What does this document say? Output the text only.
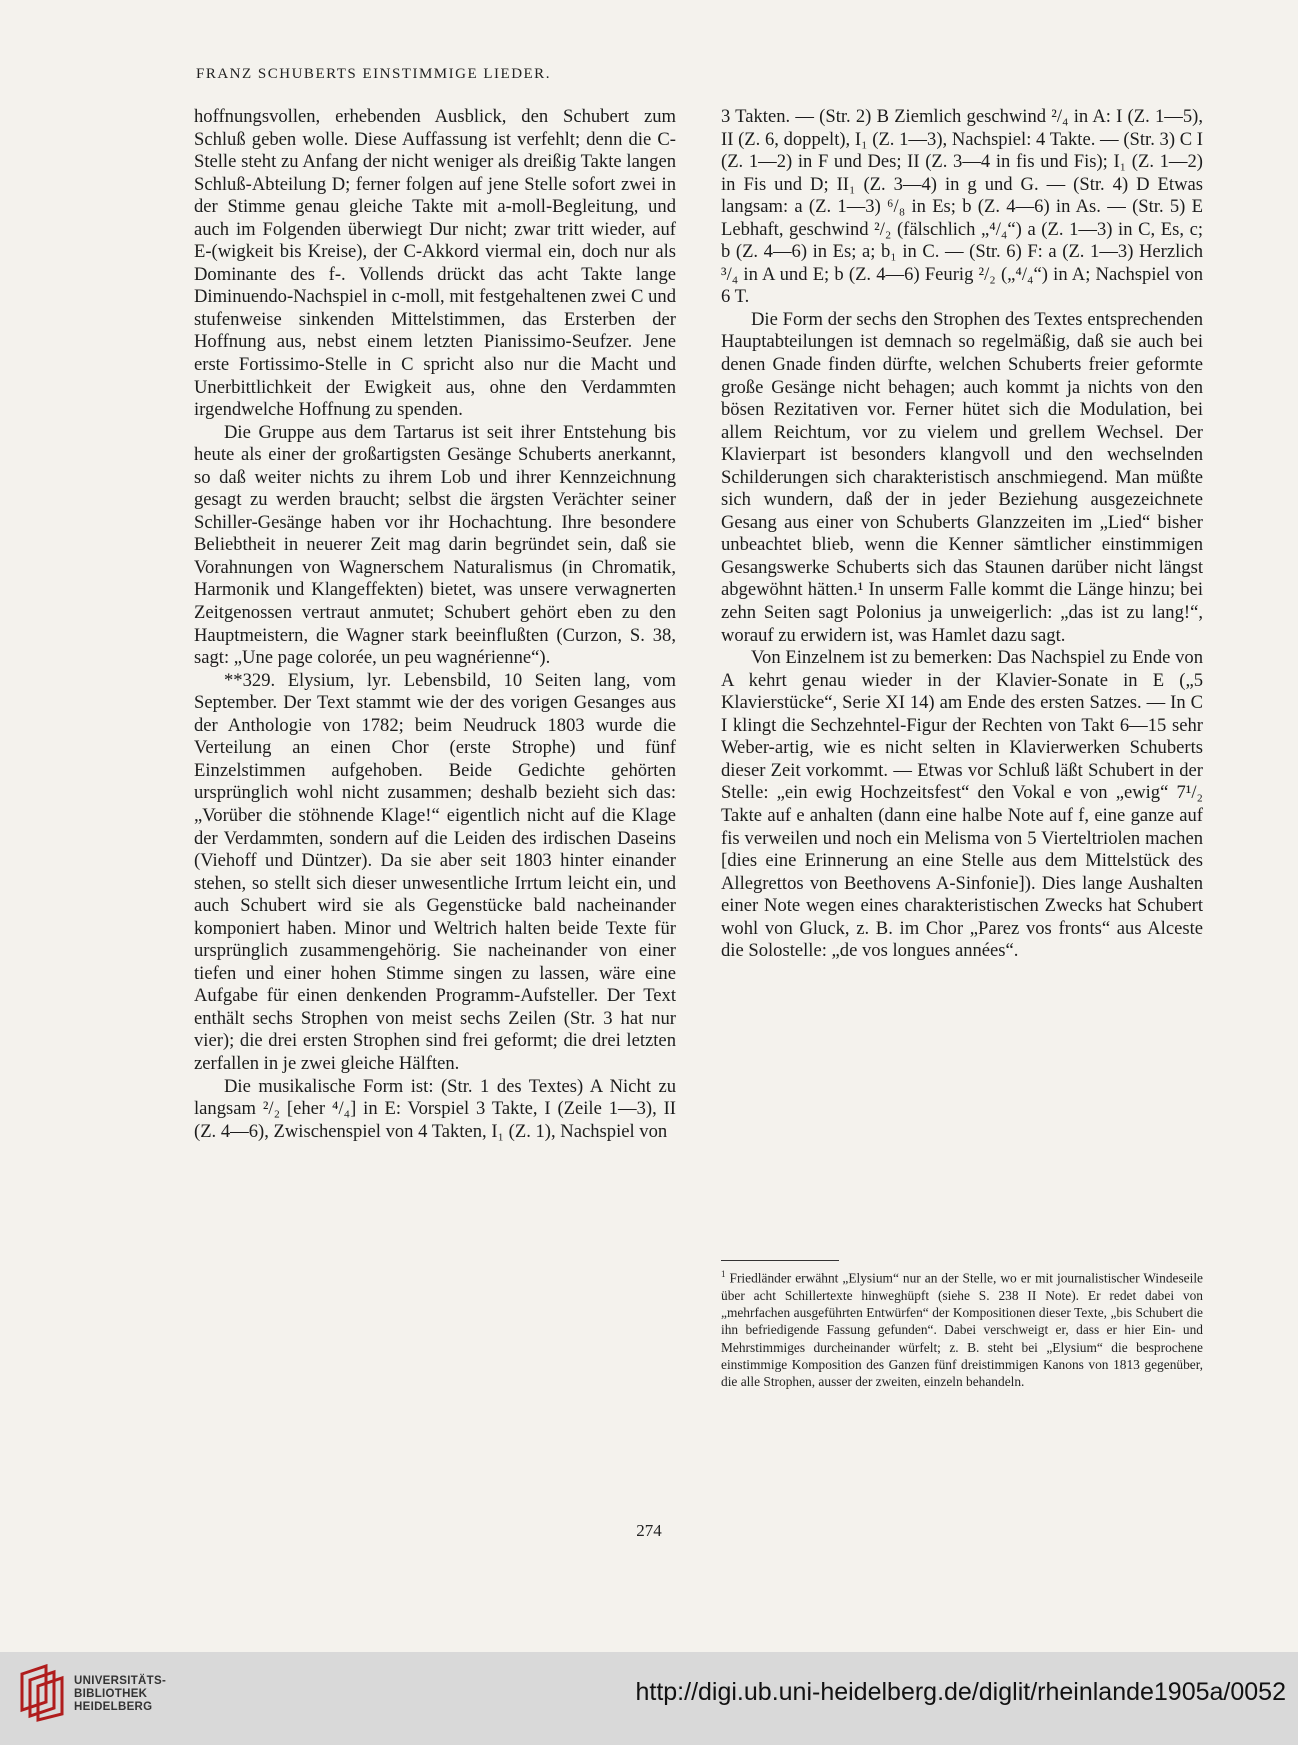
FRANZ SCHUBERTS EINSTIMMIGE LIEDER.

hoffnungsvollen, erhebenden Ausblick, den Schubert zum Schluß geben wolle. Diese Auffassung ist verfehlt; denn die C-Stelle steht zu Anfang der nicht weniger als dreißig Takte langen Schluß-Abteilung D; ferner folgen auf jene Stelle sofort zwei in der Stimme genau gleiche Takte mit a-moll-Begleitung, und auch im Folgenden überwiegt Dur nicht; zwar tritt wieder, auf E-(wigkeit bis Kreise), der C-Akkord viermal ein, doch nur als Dominante des f-. Vollends drückt das acht Takte lange Diminuendo-Nachspiel in c-moll, mit festgehaltenen zwei C und stufenweise sinkenden Mittelstimmen, das Ersterben der Hoffnung aus, nebst einem letzten Pianissimo-Seufzer. Jene erste Fortissimo-Stelle in C spricht also nur die Macht und Unerbittlichkeit der Ewigkeit aus, ohne den Verdammten irgendwelche Hoffnung zu spenden.

Die Gruppe aus dem Tartarus ist seit ihrer Entstehung bis heute als einer der großartigsten Gesänge Schuberts anerkannt, so daß weiter nichts zu ihrem Lob und ihrer Kennzeichnung gesagt zu werden braucht; selbst die ärgsten Verächter seiner Schiller-Gesänge haben vor ihr Hochachtung. Ihre besondere Beliebtheit in neuerer Zeit mag darin begründet sein, daß sie Vorahnungen von Wagnerschem Naturalismus (in Chromatik, Harmonik und Klangeffekten) bietet, was unsere verwagnerten Zeitgenossen vertraut anmutet; Schubert gehört eben zu den Hauptmeistern, die Wagner stark beeinflußten (Curzon, S. 38, sagt: „Une page colorée, un peu wagnérienne“).

**329. Elysium, lyr. Lebensbild, 10 Seiten lang, vom September. Der Text stammt wie der des vorigen Gesanges aus der Anthologie von 1782; beim Neudruck 1803 wurde die Verteilung an einen Chor (erste Strophe) und fünf Einzelstimmen aufgehoben. Beide Gedichte gehörten ursprünglich wohl nicht zusammen; deshalb bezieht sich das: „Vorüber die stöhnende Klage!“ eigentlich nicht auf die Klage der Verdammten, sondern auf die Leiden des irdischen Daseins (Viehoff und Düntzer). Da sie aber seit 1803 hinter einander stehen, so stellt sich dieser unwesentliche Irrtum leicht ein, und auch Schubert wird sie als Gegenstücke bald nacheinander komponiert haben. Minor und Weltrich halten beide Texte für ursprünglich zusammengehörig. Sie nacheinander von einer tiefen und einer hohen Stimme singen zu lassen, wäre eine Aufgabe für einen denkenden Programm-Aufsteller. Der Text enthält sechs Strophen von meist sechs Zeilen (Str. 3 hat nur vier); die drei ersten Strophen sind frei geformt; die drei letzten zerfallen in je zwei gleiche Hälften.

Die musikalische Form ist: (Str. 1 des Textes) A Nicht zu langsam ²/₂ [eher ⁴/₄] in E: Vorspiel 3 Takte, I (Zeile 1—3), II (Z. 4—6), Zwischenspiel von 4 Takten, I₁ (Z. 1), Nachspiel von

3 Takten. — (Str. 2) B Ziemlich geschwind ²/₄ in A: I (Z. 1—5), II (Z. 6, doppelt), I₁ (Z. 1—3), Nachspiel: 4 Takte. — (Str. 3) C I (Z. 1—2) in F und Des; II (Z. 3—4 in fis und Fis); I₁ (Z. 1—2) in Fis und D; II₁ (Z. 3—4) in g und G. — (Str. 4) D Etwas langsam: a (Z. 1—3) ⁶/₈ in Es; b (Z. 4—6) in As. — (Str. 5) E Lebhaft, geschwind ²/₂ (fälschlich „⁴/₄“) a (Z. 1—3) in C, Es, c; b (Z. 4—6) in Es; a; b₁ in C. — (Str. 6) F: a (Z. 1—3) Herzlich ³/₄ in A und E; b (Z. 4—6) Feurig ²/₂ („⁴/₄“) in A; Nachspiel von 6 T.

Die Form der sechs den Strophen des Textes entsprechenden Hauptabteilungen ist demnach so regelmäßig, daß sie auch bei denen Gnade finden dürfte, welchen Schuberts freier geformte große Gesänge nicht behagen; auch kommt ja nichts von den bösen Rezitativen vor. Ferner hütet sich die Modulation, bei allem Reichtum, vor zu vielem und grellem Wechsel. Der Klavierpart ist besonders klangvoll und den wechselnden Schilderungen sich charakteristisch anschmiegend. Man müßte sich wundern, daß der in jeder Beziehung ausgezeichnete Gesang aus einer von Schuberts Glanzzeiten im „Lied“ bisher unbeachtet blieb, wenn die Kenner sämtlicher einstimmigen Gesangswerke Schuberts sich das Staunen darüber nicht längst abgewöhnt hätten.¹ In unserm Falle kommt die Länge hinzu; bei zehn Seiten sagt Polonius ja unweigerlich: „das ist zu lang!“, worauf zu erwidern ist, was Hamlet dazu sagt.

Von Einzelnem ist zu bemerken: Das Nachspiel zu Ende von A kehrt genau wieder in der Klavier-Sonate in E („5 Klavierstücke“, Serie XI 14) am Ende des ersten Satzes. — In C I klingt die Sechzehntel-Figur der Rechten von Takt 6—15 sehr Weber-artig, wie es nicht selten in Klavierwerken Schuberts dieser Zeit vorkommt. — Etwas vor Schluß läßt Schubert in der Stelle: „ein ewig Hochzeitsfest“ den Vokal e von „ewig“ 7¹/₂ Takte auf e anhalten (dann eine halbe Note auf f, eine ganze auf fis verweilen und noch ein Melisma von 5 Vierteltriolen machen [dies eine Erinnerung an eine Stelle aus dem Mittelstück des Allegrettos von Beethovens A-Sinfonie]). Dies lange Aushalten einer Note wegen eines charakteristischen Zwecks hat Schubert wohl von Gluck, z. B. im Chor „Parez vos fronts“ aus Alceste die Solostelle: „de vos longues années“.

$^1$ Friedländer erwähnt „Elysium“ nur an der Stelle, wo er mit journalistischer Windeseile über acht Schillertexte hinweghüpft (siehe S. 238 II Note). Er redet dabei von „mehrfachen ausgeführten Entwürfen“ der Kompositionen dieser Texte, „bis Schubert die ihn befriedigende Fassung gefunden“. Dabei verschweigt er, dass er hier Ein- und Mehrstimmiges durcheinander würfelt; z. B. steht bei „Elysium“ die besprochene einstimmige Komposition des Ganzen fünf dreistimmigen Kanons von 1813 gegenüber, die alle Strophen, ausser der zweiten, einzeln behandeln.
274
UNIVERSITÄTS-
BIBLIOTHEK
HEIDELBERG
http://digi.ub.uni-heidelberg.de/diglit/rheinlande1905a/0052
